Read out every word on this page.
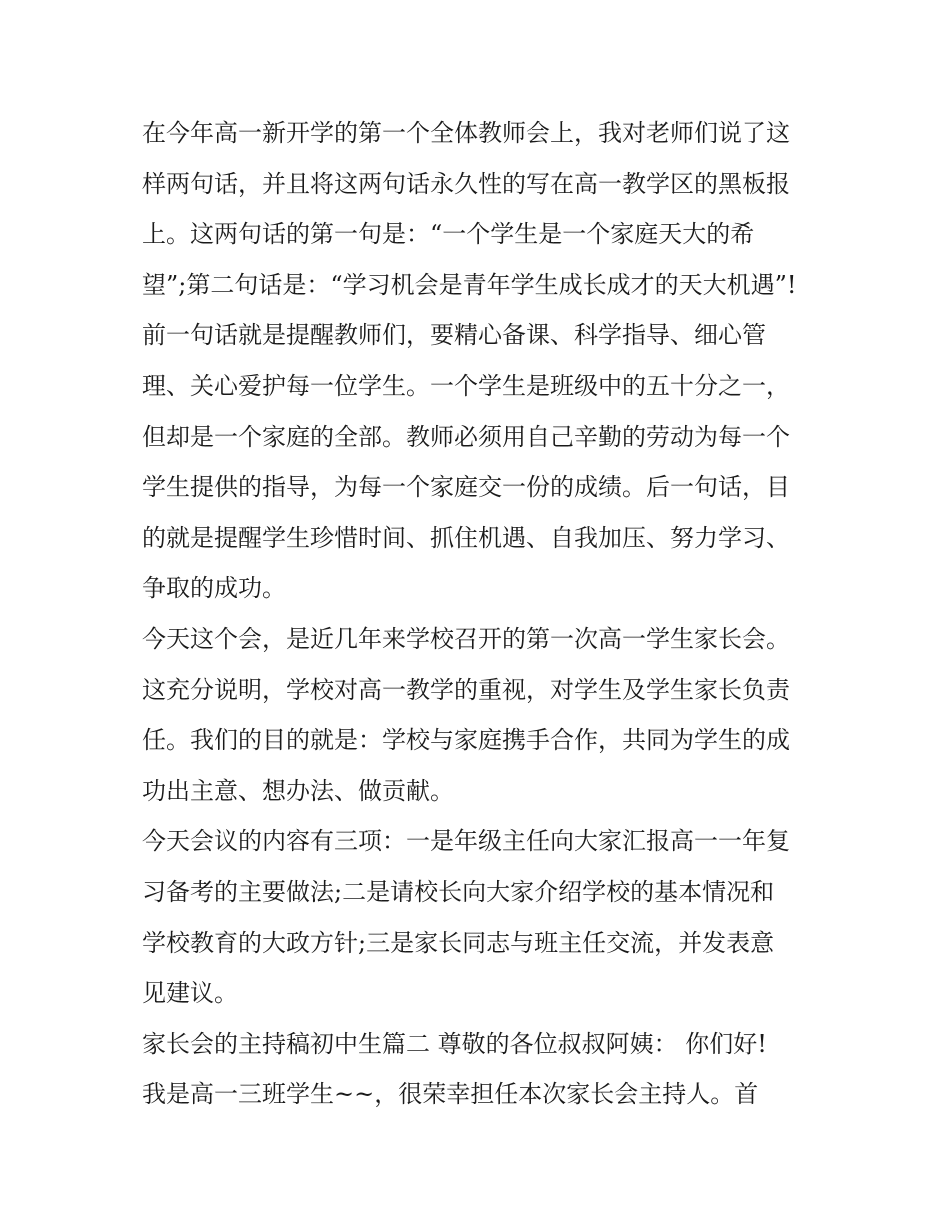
在今年高一新开学的第一个全体教师会上，我对老师们说了这
样两句话，并且将这两句话永久性的写在高一教学区的黑板报
上。这两句话的第一句是：“一个学生是一个家庭天大的希
望”;第二句话是：“学习机会是青年学生成长成才的天大机遇”!
前一句话就是提醒教师们，要精心备课、科学指导、细心管
理、关心爱护每一位学生。一个学生是班级中的五十分之一，
但却是一个家庭的全部。教师必须用自己辛勤的劳动为每一个
学生提供的指导，为每一个家庭交一份的成绩。后一句话，目
的就是提醒学生珍惜时间、抓住机遇、自我加压、努力学习、
争取的成功。
今天这个会，是近几年来学校召开的第一次高一学生家长会。
这充分说明，学校对高一教学的重视，对学生及学生家长负责
任。我们的目的就是：学校与家庭携手合作，共同为学生的成
功出主意、想办法、做贡献。
今天会议的内容有三项：一是年级主任向大家汇报高一一年复
习备考的主要做法;二是请校长向大家介绍学校的基本情况和
学校教育的大政方针;三是家长同志与班主任交流，并发表意
见建议。
家长会的主持稿初中生篇二 尊敬的各位叔叔阿姨： 你们好!
我是高一三班学生~~，很荣幸担任本次家长会主持人。首
